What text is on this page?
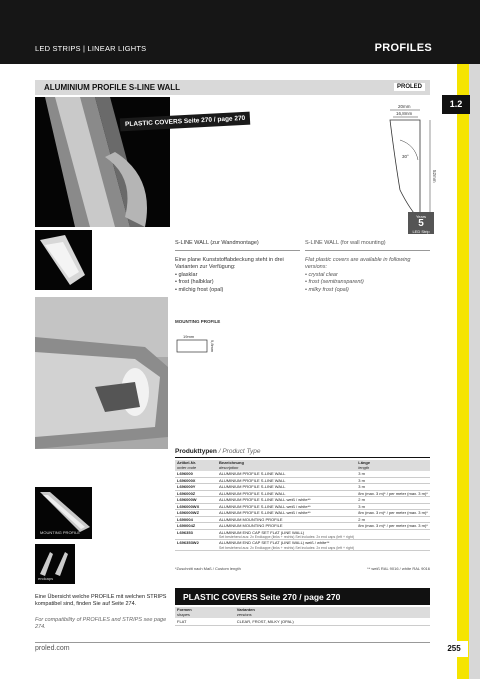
LED STRIPS | LINEAR LIGHTS	PROFILES
1.2
ALUMINIUM PROFILE S-LINE WALL	PROLED
PLASTIC COVERS Seite 270 / page 270
MOUNTING PROFILE
endcaps
20mm
16,8mm
30°
52mm
Years
5
LED Strip
S-LINE WALL (zur Wandmontage)
Eine plane Kunststoffabdeckung steht in drei Varianten zur Verfügung:
• glasklar
• frost (halbklar)
• milchig frost (opal)
S-LINE WALL (for wall mounting)
Flat plastic covers are available in following versions:
• crystal clear
• frost (semitransparent)
• milky frost (opal)
MOUNTING PROFILE
19mm
9,8mm
Produkttypen / Product Type
Artikel-Nr.
order code	Bezeichnung
description	Länge
length

L696000	ALUMINIUM PROFILE S-LINE WALL	3 m
L696000X	ALUMINIUM PROFILE S-LINE WALL	3 m
L696000Y	ALUMINIUM PROFILE S-LINE WALL	3 m
L696000Z	ALUMINIUM PROFILE S-LINE WALL	8m (max. 3 m)* / per meter (max. 3 m)*
L696000W	ALUMINIUM PROFILE S-LINE WALL weiß / white**	2 m
L696000WX	ALUMINIUM PROFILE S-LINE WALL weiß / white**	3 m
L696000WZ	ALUMINIUM PROFILE S-LINE WALL weiß / white**	8m (max. 3 m)* / per meter (max. 3 m)*
L690004	ALUMINIUM MOUNTING PROFILE	2 m
L690004Z	ALUMINIUM MOUNTING PROFILE	8m (max. 3 m)* / per meter (max. 3 m)*
L696353	ALUMINIUM END CAP SET FLAT (LINE WALL)
Set bestehend aus: 2x Endkappe (links + rechts) Set includes: 2x end caps (left + right)	

L696353W2	ALUMINIUM END CAP SET FLAT (LINE WALL) weiß / white**
Set bestehend aus: 2x Endkappe (links + rechts) Set includes: 2x end caps (left + right)	

*Zuschnitt nach Maß / Custom length	** weiß RAL 9016 / white RAL 9016
PLASTIC COVERS Seite 270 / page 270
Formen
shapes	Varianten
versions

FLAT	CLEAR, FROST, MILKY (OPAL)
Eine Übersicht welche PROFILE mit welchen STRIPS kompatibel sind, finden Sie auf Seite 274.
For compatibility of PROFILES and STRIPS see page 274.
proled.com	255
